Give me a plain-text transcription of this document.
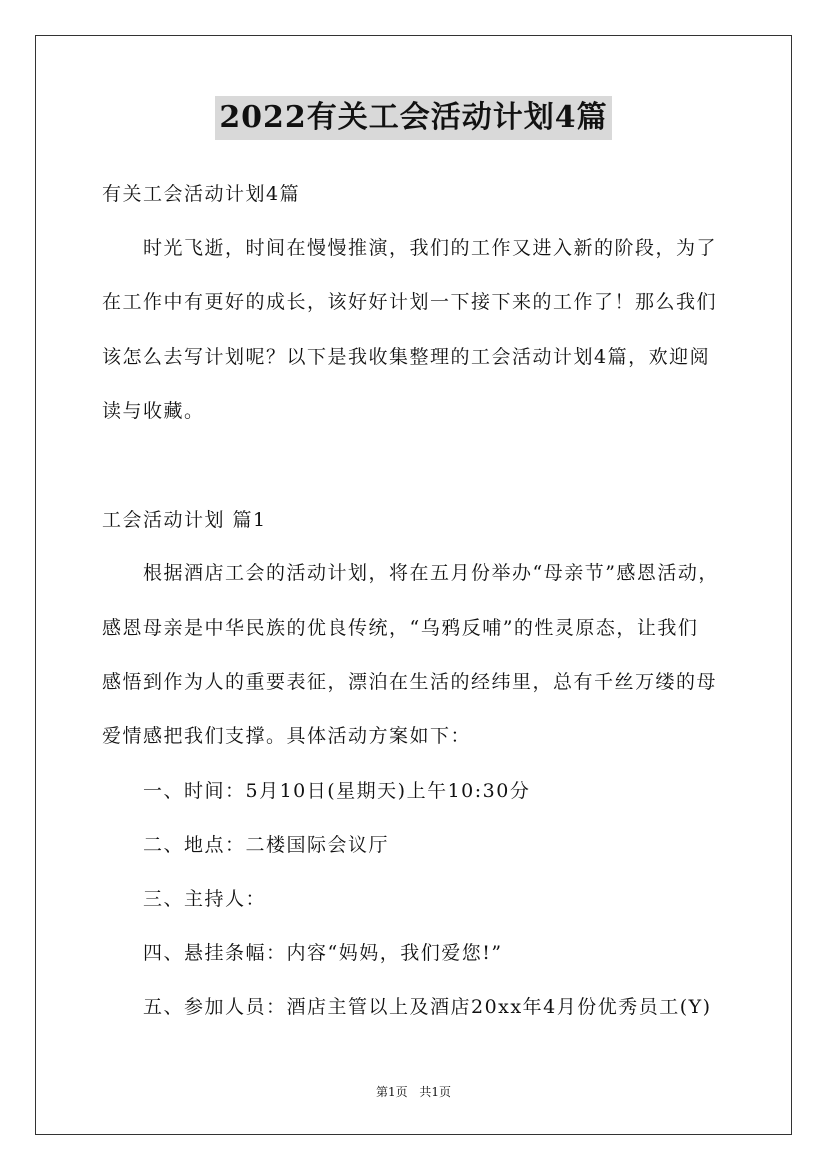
2022有关工会活动计划4篇
有关工会活动计划4篇
时光飞逝，时间在慢慢推演，我们的工作又进入新的阶段，为了
在工作中有更好的成长，该好好计划一下接下来的工作了！那么我们
该怎么去写计划呢？以下是我收集整理的工会活动计划4篇，欢迎阅
读与收藏。
工会活动计划 篇1
根据酒店工会的活动计划，将在五月份举办“母亲节”感恩活动，
感恩母亲是中华民族的优良传统，“乌鸦反哺”的性灵原态，让我们
感悟到作为人的重要表征，漂泊在生活的经纬里，总有千丝万缕的母
爱情感把我们支撑。具体活动方案如下：
一、时间：5月10日(星期天)上午10:30分
二、地点：二楼国际会议厅
三、主持人：
四、悬挂条幅：内容“妈妈，我们爱您!”
五、参加人员：酒店主管以上及酒店20xx年4月份优秀员工(Y)
第1页 共1页
